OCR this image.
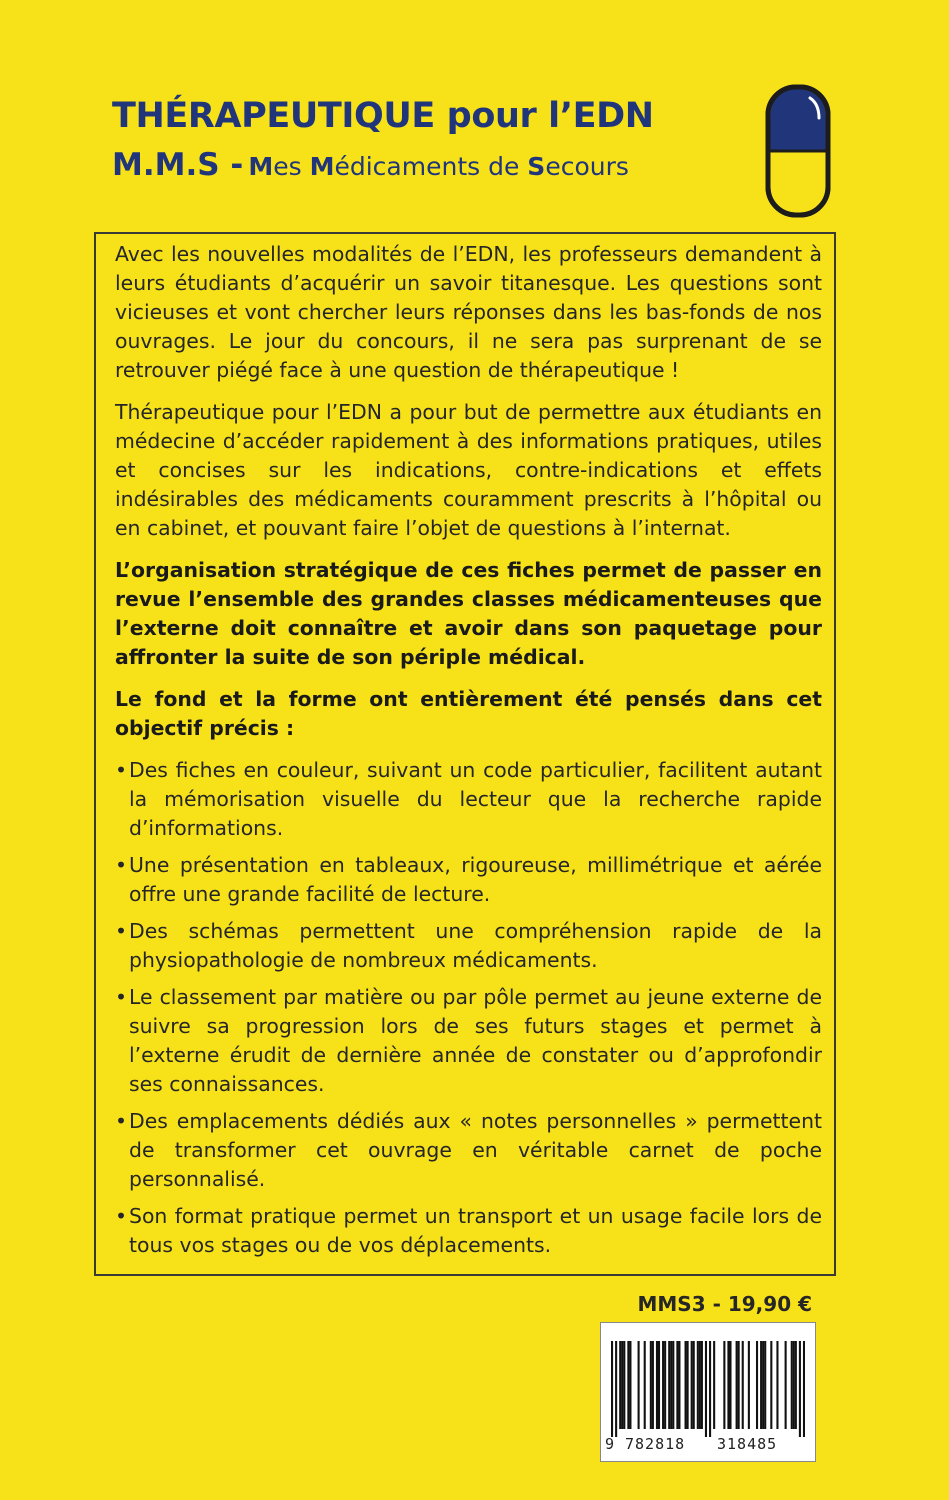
THÉRAPEUTIQUE pour l’EDN
M.M.S - Mes Médicaments de Secours

Avec les nouvelles modalités de l’EDN, les professeurs demandent à leurs étudiants d’acquérir un savoir titanesque. Les questions sont vicieuses et vont chercher leurs réponses dans les bas-fonds de nos ouvrages. Le jour du concours, il ne sera pas surprenant de se retrouver piégé face à une question de thérapeutique !

Thérapeutique pour l’EDN a pour but de permettre aux étudiants en médecine d’accéder rapidement à des informations pratiques, utiles et concises sur les indications, contre-indications et effets indésirables des médicaments couramment prescrits à l’hôpital ou en cabinet, et pouvant faire l’objet de questions à l’internat.

L’organisation stratégique de ces fiches permet de passer en revue l’ensemble des grandes classes médicamenteuses que l’externe doit connaître et avoir dans son paquetage pour affronter la suite de son périple médical.

Le fond et la forme ont entièrement été pensés dans cet objectif précis :

• Des fiches en couleur, suivant un code particulier, facilitent autant la mémorisation visuelle du lecteur que la recherche rapide d’informations.
• Une présentation en tableaux, rigoureuse, millimétrique et aérée offre une grande facilité de lecture.
• Des schémas permettent une compréhension rapide de la physiopathologie de nombreux médicaments.
• Le classement par matière ou par pôle permet au jeune externe de suivre sa progression lors de ses futurs stages et permet à l’externe érudit de dernière année de constater ou d’approfondir ses connaissances.
• Des emplacements dédiés aux « notes personnelles » permettent de transformer cet ouvrage en véritable carnet de poche personnalisé.
• Son format pratique permet un transport et un usage facile lors de tous vos stages ou de vos déplacements.
MMS3 - 19,90 €
9 782818 318485
